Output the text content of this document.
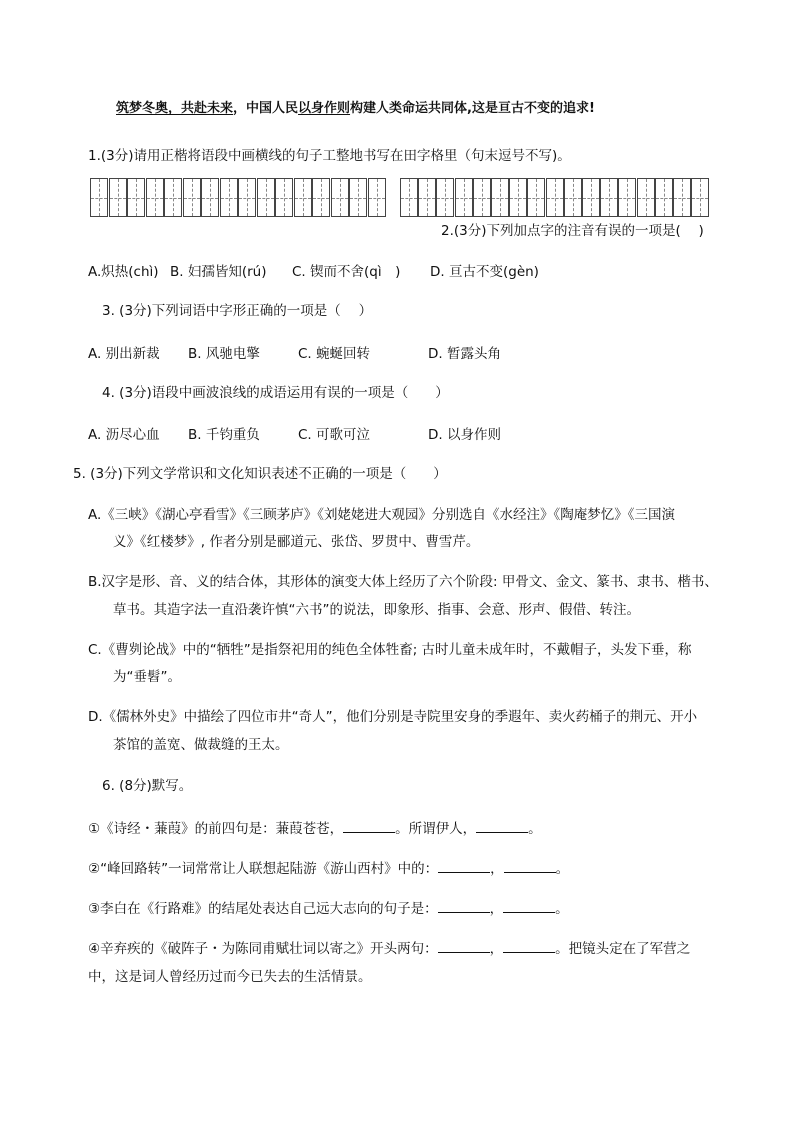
筑梦冬奥，共赴未来，中国人民以身作则构建人类命运共同体,这是亘古不变的追求!
1.(3分)请用正楷将语段中画横线的句子工整地书写在田字格里（句末逗号不写)。
2.(3分)下列加点字的注音有误的一项是(　 )
A.炽热(chì) B. 妇孺皆知(rú) C. 锲而不舍(qì　) D. 亘古不变(gèn)
3. (3分)下列词语中字形正确的一项是（　 ）
A. 别出新裁 B. 风驰电擎	C. 蜿蜒回转	D. 暂露头角
4. (3分)语段中画波浪线的成语运用有误的一项是（　　）
A. 沥尽心血 B. 千钧重负	C. 可歌可泣	D. 以身作则
5. (3分)下列文学常识和文化知识表述不正确的一项是（　　）
A.《三峡》《湖心亭看雪》《三顾茅庐》《刘姥姥进大观园》分别选自《水经注》《陶庵梦忆》《三国演
义》《红楼梦》, 作者分别是郦道元、张岱、罗贯中、曹雪芹。
B.汉字是形、音、义的结合体，其形体的演变大体上经历了六个阶段: 甲骨文、金文、篆书、隶书、楷书、
草书。其造字法一直沿袭许慎“六书”的说法，即象形、指事、会意、形声、假借、转注。
C.《曹刿论战》中的“牺牲”是指祭祀用的纯色全体牲畜; 古时儿童未成年时，不戴帽子，头发下垂，称
为“垂髫”。
D.《儒林外史》中描绘了四位市井“奇人”，他们分别是寺院里安身的季遐年、卖火药桶子的荆元、开小
茶馆的盖宽、做裁缝的王太。
6. (8分)默写。
①《诗经・蒹葭》的前四句是：蒹葭苍苍，	。所谓伊人，	。
②“峰回路转”一词常常让人联想起陆游《游山西村》中的：	，	。
③李白在《行路难》的结尾处表达自己远大志向的句子是：	，	。
④辛弃疾的《破阵子・为陈同甫赋壮词以寄之》开头两句：	，	。把镜头定在了军营之
中，这是词人曾经历过而今已失去的生活情景。
